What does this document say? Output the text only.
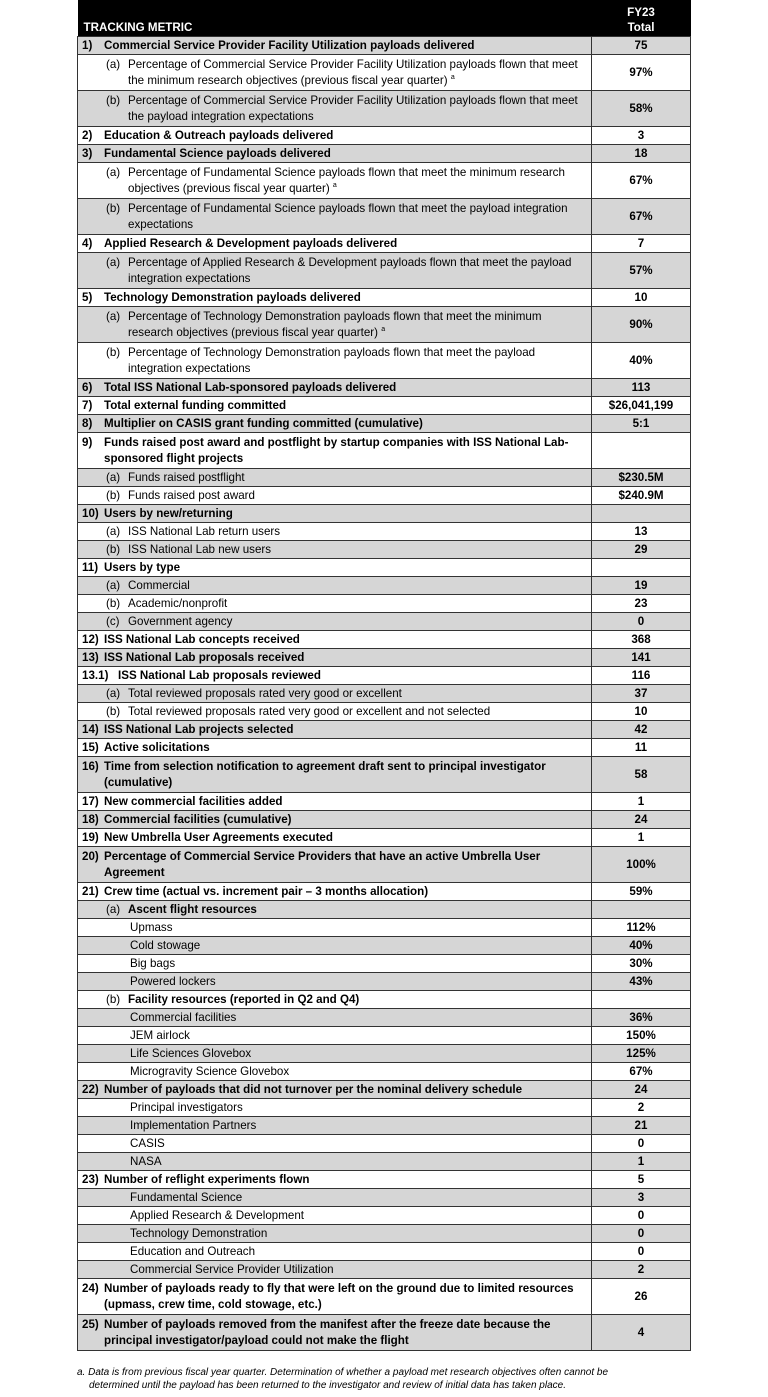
TRACKING METRIC	FY23
Total

1) Commercial Service Provider Facility Utilization payloads delivered	75

(a) Percentage of Commercial Service Provider Facility Utilization payloads flown that meet the minimum research objectives (previous fiscal year quarter) $^a$	97%

(b) Percentage of Commercial Service Provider Facility Utilization payloads flown that meet the payload integration expectations	58%

2) Education & Outreach payloads delivered	3

3) Fundamental Science payloads delivered	18

(a) Percentage of Fundamental Science payloads flown that meet the minimum research objectives (previous fiscal year quarter) $^a$	67%

(b) Percentage of Fundamental Science payloads flown that meet the payload integration expectations	67%

4) Applied Research & Development payloads delivered	7

(a) Percentage of Applied Research & Development payloads flown that meet the payload integration expectations	57%

5) Technology Demonstration payloads delivered	10

(a) Percentage of Technology Demonstration payloads flown that meet the minimum research objectives (previous fiscal year quarter) $^a$	90%

(b) Percentage of Technology Demonstration payloads flown that meet the payload integration expectations	40%

6) Total ISS National Lab-sponsored payloads delivered	113

7) Total external funding committed	$26,041,199

8) Multiplier on CASIS grant funding committed (cumulative)	5:1

9) Funds raised post award and postflight by startup companies with ISS National Lab-sponsored flight projects	

(a) Funds raised postflight	$230.5M

(b) Funds raised post award	$240.9M

10) Users by new/returning	

(a) ISS National Lab return users	13

(b) ISS National Lab new users	29

11) Users by type	

(a) Commercial	19

(b) Academic/nonprofit	23

(c) Government agency	0

12) ISS National Lab concepts received	368

13) ISS National Lab proposals received	141

13.1) ISS National Lab proposals reviewed	116

(a) Total reviewed proposals rated very good or excellent	37

(b) Total reviewed proposals rated very good or excellent and not selected	10

14) ISS National Lab projects selected	42

15) Active solicitations	11

16) Time from selection notification to agreement draft sent to principal investigator (cumulative)	58

17) New commercial facilities added	1

18) Commercial facilities (cumulative)	24

19) New Umbrella User Agreements executed	1

20) Percentage of Commercial Service Providers that have an active Umbrella User Agreement	100%

21) Crew time (actual vs. increment pair – 3 months allocation)	59%

(a) Ascent flight resources	

Upmass	112%

Cold stowage	40%

Big bags	30%

Powered lockers	43%

(b) Facility resources (reported in Q2 and Q4)	

Commercial facilities	36%

JEM airlock	150%

Life Sciences Glovebox	125%

Microgravity Science Glovebox	67%

22) Number of payloads that did not turnover per the nominal delivery schedule	24

Principal investigators	2

Implementation Partners	21

CASIS	0

NASA	1

23) Number of reflight experiments flown	5

Fundamental Science	3

Applied Research & Development	0

Technology Demonstration	0

Education and Outreach	0

Commercial Service Provider Utilization	2

24) Number of payloads ready to fly that were left on the ground due to limited resources (upmass, crew time, cold stowage, etc.)	26

25) Number of payloads removed from the manifest after the freeze date because the principal investigator/payload could not make the flight	4
a. Data is from previous fiscal year quarter. Determination of whether a payload met research objectives often cannot be
determined until the payload has been returned to the investigator and review of initial data has taken place.
